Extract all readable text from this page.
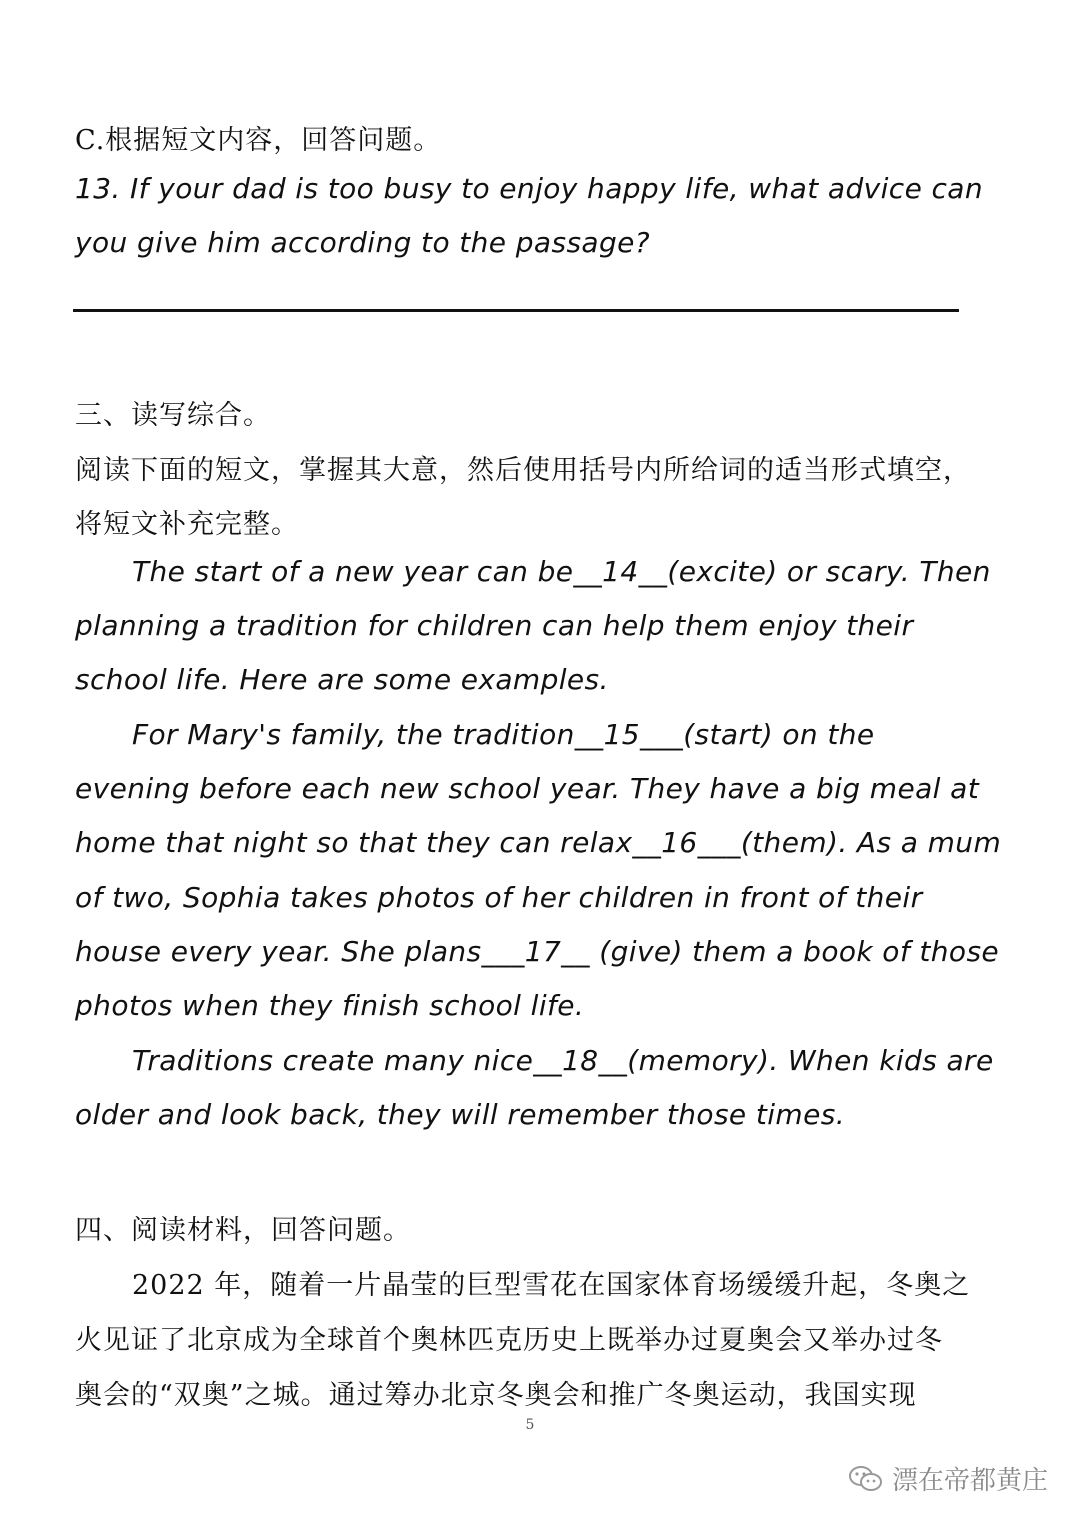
C.根据短文内容，回答问题。
13. If your dad is too busy to enjoy happy life, what advice can
you give him according to the passage?
三、读写综合。
阅读下面的短文，掌握其大意，然后使用括号内所给词的适当形式填空，
将短文补充完整。
The start of a new year can be__14__(excite) or scary. Then
planning a tradition for children can help them enjoy their
school life. Here are some examples.
For Mary's family, the tradition__15___(start) on the
evening before each new school year. They have a big meal at
home that night so that they can relax__16___(them). As a mum
of two, Sophia takes photos of her children in front of their
house every year. She plans___17__ (give) them a book of those
photos when they finish school life.
Traditions create many nice__18__(memory). When kids are
older and look back, they will remember those times.
四、阅读材料，回答问题。
2022 年，随着一片晶莹的巨型雪花在国家体育场缓缓升起，冬奥之
火见证了北京成为全球首个奥林匹克历史上既举办过夏奥会又举办过冬
奥会的“双奥”之城。通过筹办北京冬奥会和推广冬奥运动，我国实现
5
漂在帝都黄庄
